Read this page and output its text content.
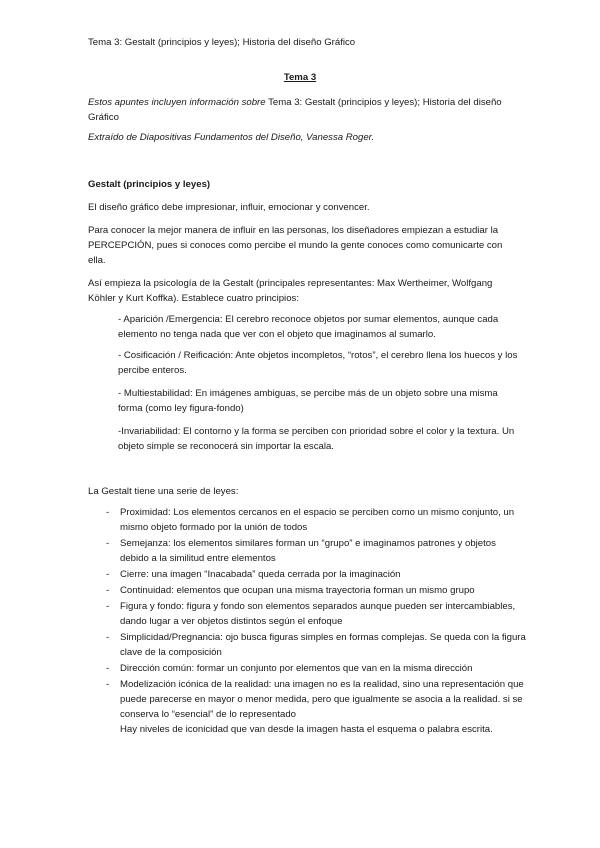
Tema 3: Gestalt (principios y leyes); Historia del diseño Gráfico
Tema 3
Estos apuntes incluyen información sobre Tema 3: Gestalt (principios y leyes); Historia del diseño Gráfico
Extraído de Diapositivas Fundamentos del Diseño, Vanessa Roger.
Gestalt (principios y leyes)
El diseño gráfico debe impresionar, influir, emocionar y convencer.
Para conocer la mejor manera de influir en las personas, los diseñadores empiezan a estudiar la PERCEPCIÓN, pues si conoces como percibe el mundo la gente conoces como comunicarte con ella.
Así empieza la psicología de la Gestalt (principales representantes: Max Wertheimer, Wolfgang Köhler y Kurt Koffka). Establece cuatro principios:
- Aparición /Emergencia: El cerebro reconoce objetos por sumar elementos, aunque cada elemento no tenga nada que ver con el objeto que imaginamos al sumarlo.
- Cosificación / Reificación: Ante objetos incompletos, “rotos”, el cerebro llena los huecos y los percibe enteros.
- Multiestabilidad: En imágenes ambiguas, se percibe más de un objeto sobre una misma forma (como ley figura-fondo)
-Invariabilidad: El contorno y la forma se perciben con prioridad sobre el color y la textura. Un objeto simple se reconocerá sin importar la escala.
La Gestalt tiene una serie de leyes:
- Proximidad: Los elementos cercanos en el espacio se perciben como un mismo conjunto, un mismo objeto formado por la unión de todos
- Semejanza: los elementos similares forman un “grupo” e imaginamos patrones y objetos debido a la similitud entre elementos
- Cierre: una imagen “Inacabada” queda cerrada por la imaginación
- Continuidad: elementos que ocupan una misma trayectoria forman un mismo grupo
- Figura y fondo: figura y fondo son elementos separados aunque pueden ser intercambiables, dando lugar a ver objetos distintos según el enfoque
- Simplicidad/Pregnancia: ojo busca figuras simples en formas complejas. Se queda con la figura clave de la composición
- Dirección común: formar un conjunto por elementos que van en la misma dirección
- Modelización icónica de la realidad: una imagen no es la realidad, sino una representación que puede parecerse en mayor o menor medida, pero que igualmente se asocia a la realidad. si se conserva lo “esencial” de lo representado
Hay niveles de iconicidad que van desde la imagen hasta el esquema o palabra escrita.
